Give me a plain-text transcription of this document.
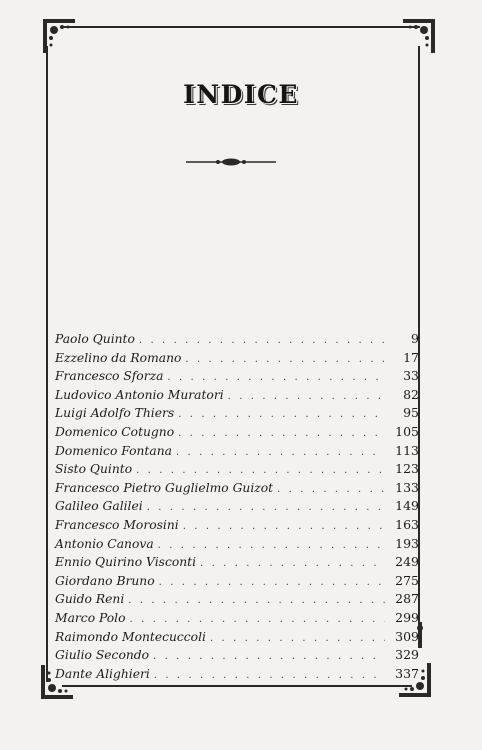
INDICE
Paolo Quinto . . .	9
Ezzelino da Romano . . .	17
Francesco Sforza . . .	33
Ludovico Antonio Muratori . . .	82
Luigi Adolfo Thiers . . .	95
Domenico Cotugno . . .	105
Domenico Fontana . . .	113
Sisto Quinto . . .	123
Francesco Pietro Guglielmo Guizot . . .	133
Galileo Galilei . . .	149
Francesco Morosini . . .	163
Antonio Canova . . .	193
Ennio Quirino Visconti . . .	249
Giordano Bruno . . .	275
Guido Reni . . .	287
Marco Polo . . .	299
Raimondo Montecuccoli . . .	309
Giulio Secondo . . .	329
Dante Alighieri . . .	337
